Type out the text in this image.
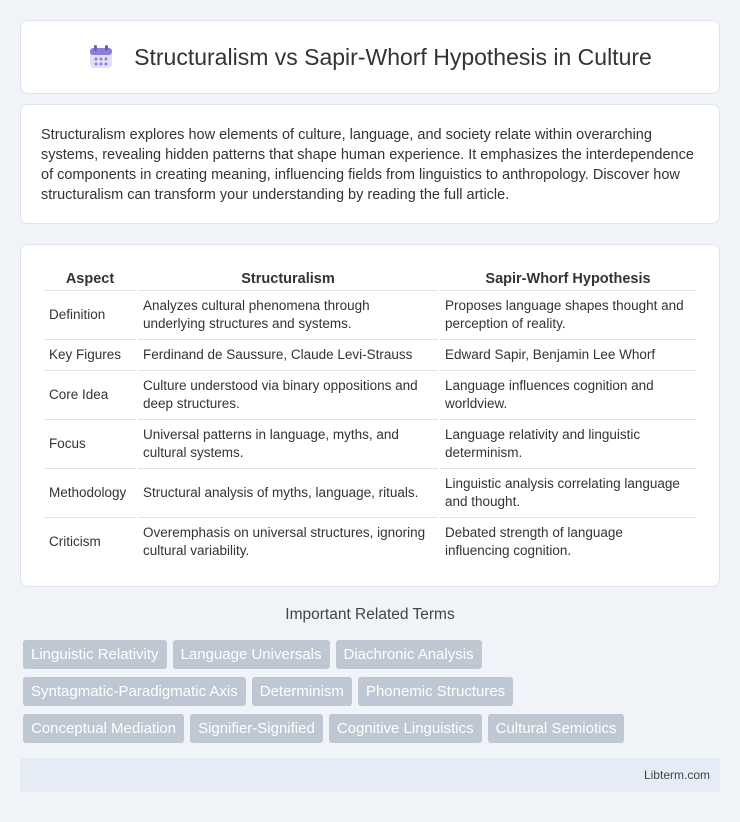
Structuralism vs Sapir-Whorf Hypothesis in Culture

Structuralism explores how elements of culture, language, and society relate within overarching systems, revealing hidden patterns that shape human experience. It emphasizes the interdependence of components in creating meaning, influencing fields from linguistics to anthropology. Discover how structuralism can transform your understanding by reading the full article.

Aspect	Structuralism	Sapir-Whorf Hypothesis
Definition	Analyzes cultural phenomena through underlying structures and systems.	Proposes language shapes thought and perception of reality.
Key Figures	Ferdinand de Saussure, Claude Levi-Strauss	Edward Sapir, Benjamin Lee Whorf
Core Idea	Culture understood via binary oppositions and deep structures.	Language influences cognition and worldview.
Focus	Universal patterns in language, myths, and cultural systems.	Language relativity and linguistic determinism.
Methodology	Structural analysis of myths, language, rituals.	Linguistic analysis correlating language and thought.
Criticism	Overemphasis on universal structures, ignoring cultural variability.	Debated strength of language influencing cognition.
Important Related Terms
Linguistic Relativity	Language Universals	Diachronic Analysis
Syntagmatic-Paradigmatic Axis	Determinism	Phonemic Structures
Conceptual Mediation	Signifier-Signified	Cognitive Linguistics	Cultural Semiotics
Libterm.com
